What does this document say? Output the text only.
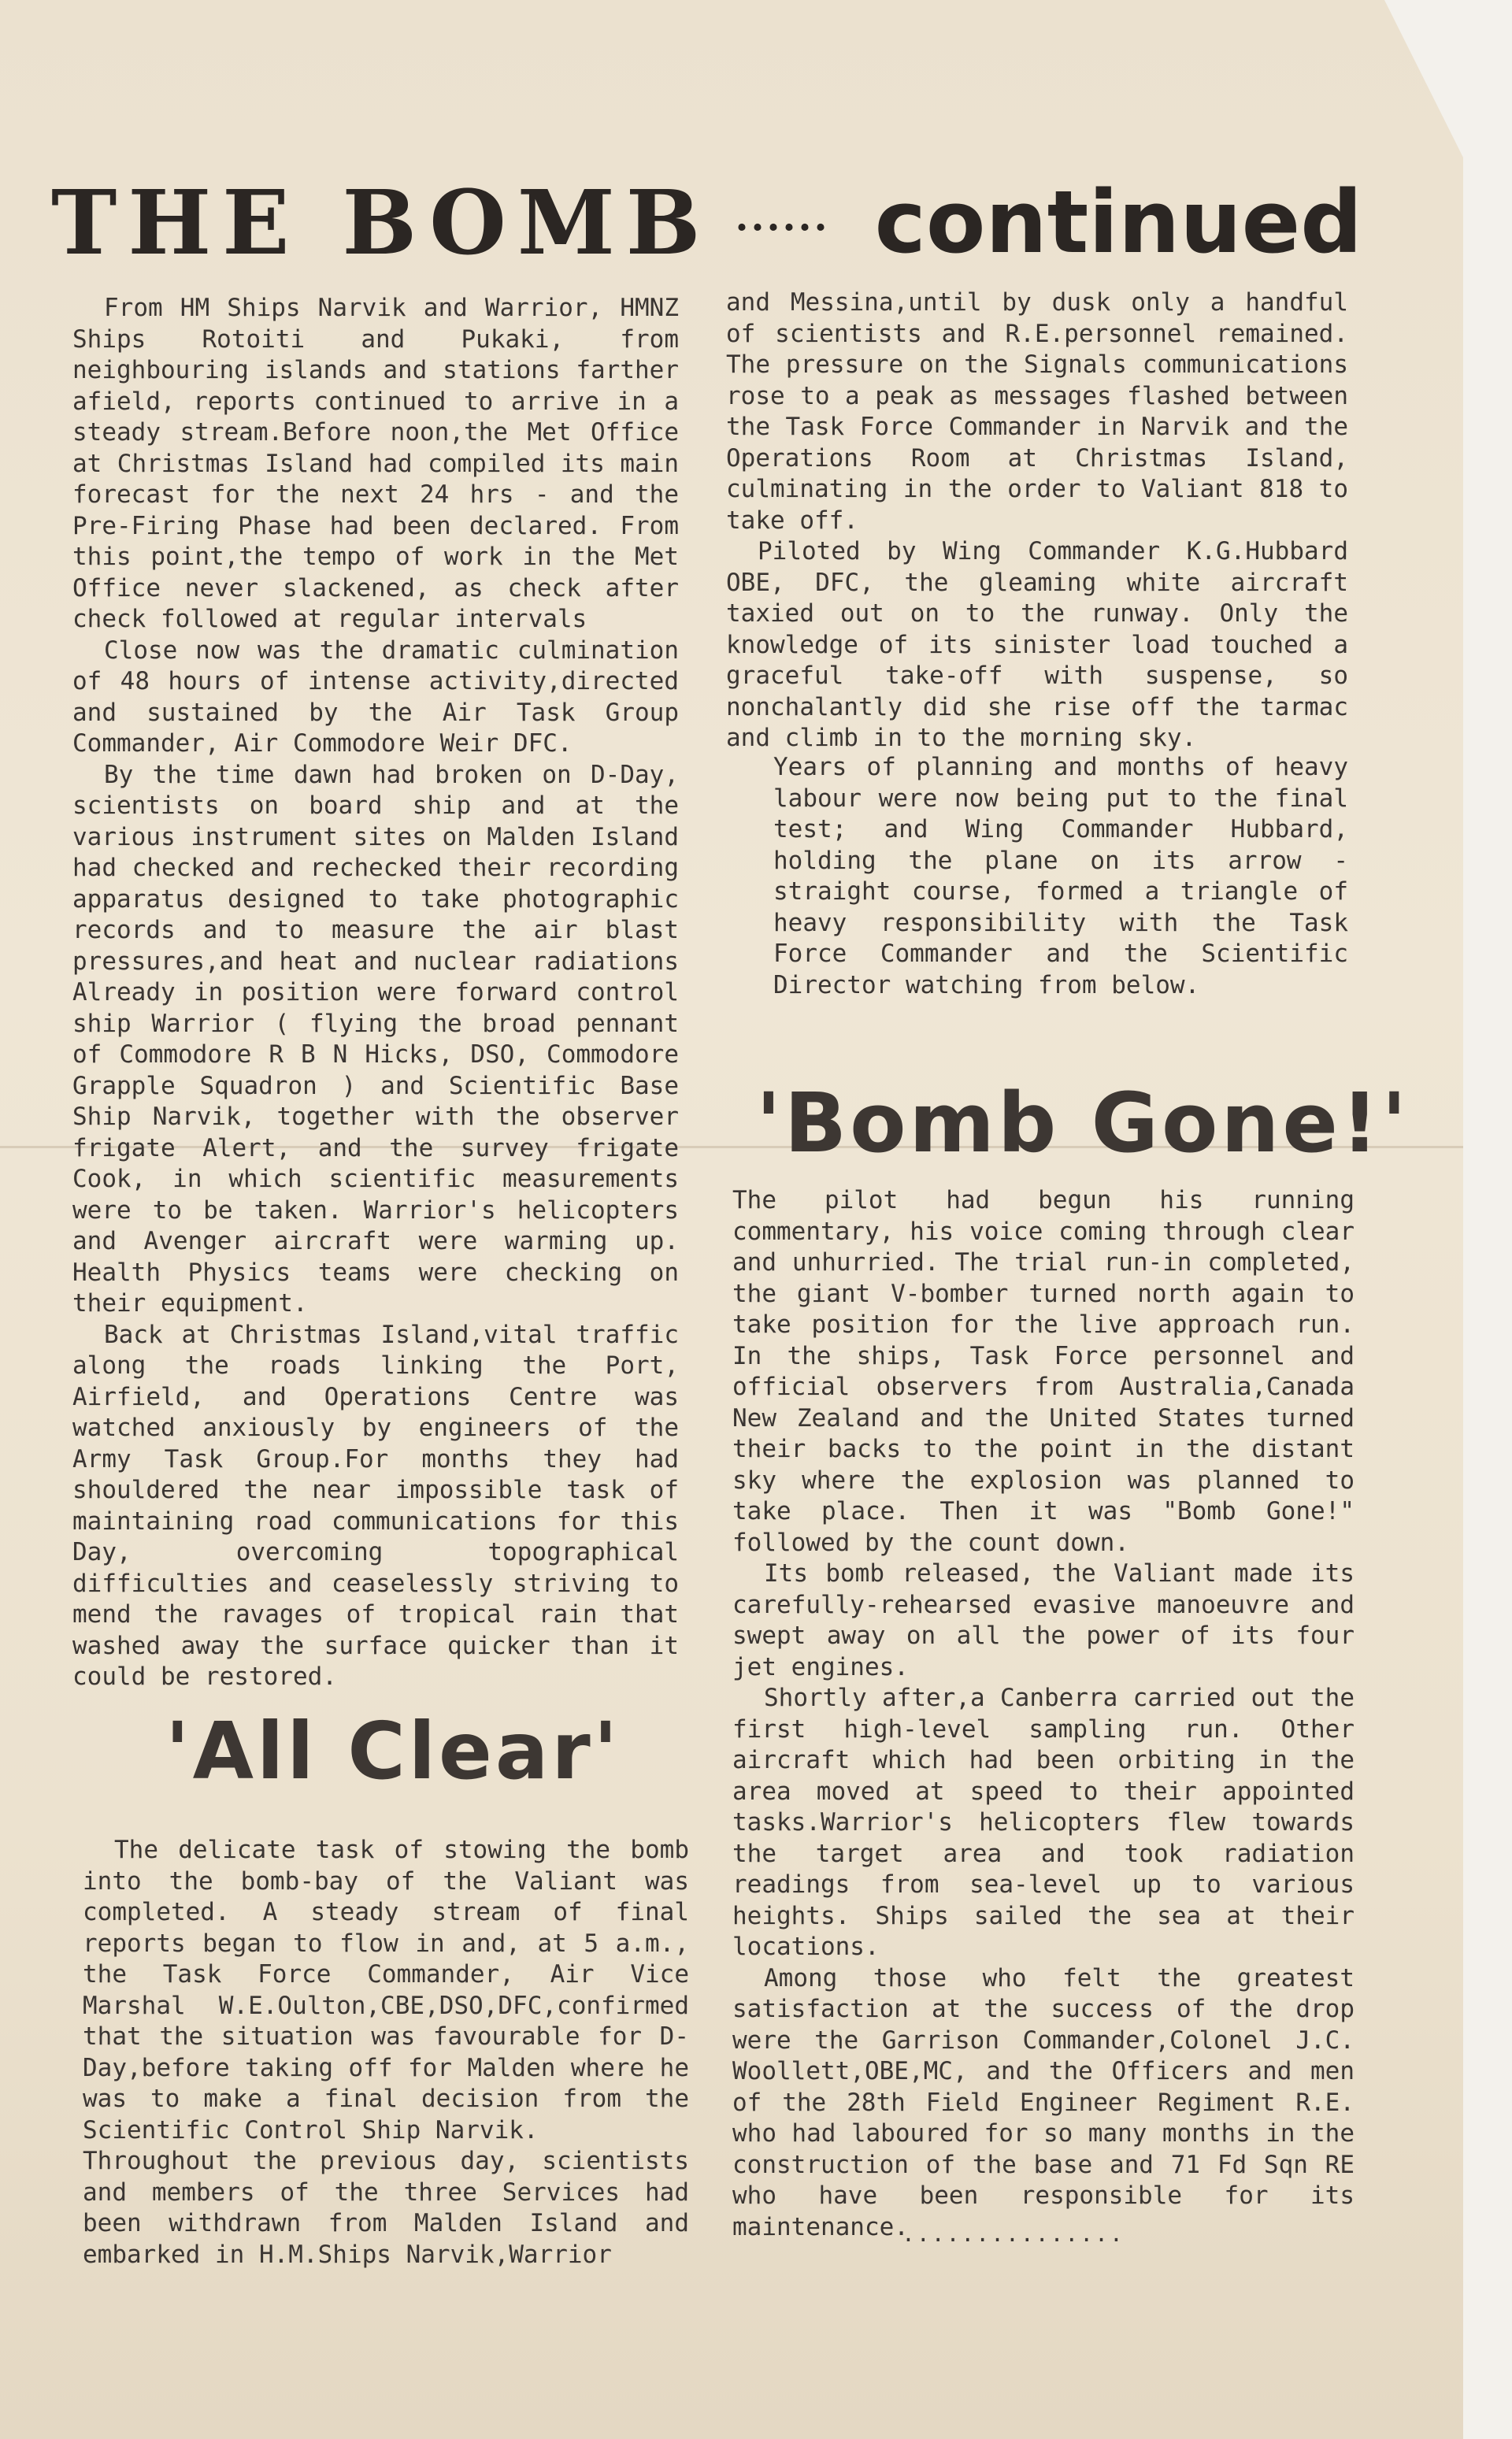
THE BOMB ...... continued

From HM Ships Narvik and Warrior, HMNZ Ships Rotoiti and Pukaki, from neighbouring islands and stations farther afield, reports continued to arrive in a steady stream.Before noon,the Met Office at Christmas Island had compiled its main forecast for the next 24 hrs - and the Pre-Firing Phase had been declared. From this point,the tempo of work in the Met Office never slackened, as check after check followed at regular intervals

Close now was the dramatic culmination of 48 hours of intense activity,directed and sustained by the Air Task Group Commander, Air Commodore Weir DFC.

By the time dawn had broken on D-Day, scientists on board ship and at the various instrument sites on Malden Island had checked and rechecked their recording apparatus designed to take photographic records and to measure the air blast pressures,and heat and nuclear radiations Already in position were forward control ship Warrior ( flying the broad pennant of Commodore R B N Hicks, DSO, Commodore Grapple Squadron ) and Scientific Base Ship Narvik, together with the observer frigate Alert, and the survey frigate Cook, in which scientific measurements were to be taken. Warrior's helicopters and Avenger aircraft were warming up. Health Physics teams were checking on their equipment.

Back at Christmas Island,vital traffic along the roads linking the Port, Airfield, and Operations Centre was watched anxiously by engineers of the Army Task Group.For months they had shouldered the near impossible task of maintaining road communications for this Day, overcoming topographical difficulties and ceaselessly striving to mend the ravages of tropical rain that washed away the surface quicker than it could be restored.

'All Clear'

The delicate task of stowing the bomb into the bomb-bay of the Valiant was completed. A steady stream of final reports began to flow in and, at 5 a.m., the Task Force Commander, Air Vice Marshal W.E.Oulton,CBE,DSO,DFC,confirmed that the situation was favourable for D-Day,before taking off for Malden where he was to make a final decision from the Scientific Control Ship Narvik.

Throughout the previous day, scientists and members of the three Services had been withdrawn from Malden Island and embarked in H.M.Ships Narvik,Warrior

and Messina,until by dusk only a handful of scientists and R.E.personnel remained. The pressure on the Signals communications rose to a peak as messages flashed between the Task Force Commander in Narvik and the Operations Room at Christmas Island, culminating in the order to Valiant 818 to take off.

Piloted by Wing Commander K.G.Hubbard OBE, DFC, the gleaming white aircraft taxied out on to the runway. Only the knowledge of its sinister load touched a graceful take-off with suspense, so nonchalantly did she rise off the tarmac and climb in to the morning sky.

Years of planning and months of heavy labour were now being put to the final test; and Wing Commander Hubbard, holding the plane on its arrow - straight course, formed a triangle of heavy responsibility with the Task Force Commander and the Scientific Director watching from below.

'Bomb Gone!'

The pilot had begun his running commentary, his voice coming through clear and unhurried. The trial run-in completed, the giant V-bomber turned north again to take position for the live approach run. In the ships, Task Force personnel and official observers from Australia,Canada New Zealand and the United States turned their backs to the point in the distant sky where the explosion was planned to take place. Then it was "Bomb Gone!" followed by the count down.

Its bomb released, the Valiant made its carefully-rehearsed evasive manoeuvre and swept away on all the power of its four jet engines.

Shortly after,a Canberra carried out the first high-level sampling run. Other aircraft which had been orbiting in the area moved at speed to their appointed tasks.Warrior's helicopters flew towards the target area and took radiation readings from sea-level up to various heights. Ships sailed the sea at their locations.

Among those who felt the greatest satisfaction at the success of the drop were the Garrison Commander,Colonel J.C. Woollett,OBE,MC, and the Officers and men of the 28th Field Engineer Regiment R.E. who had laboured for so many months in the construction of the base and 71 Fd Sqn RE who have been responsible for its maintenance.

...............
